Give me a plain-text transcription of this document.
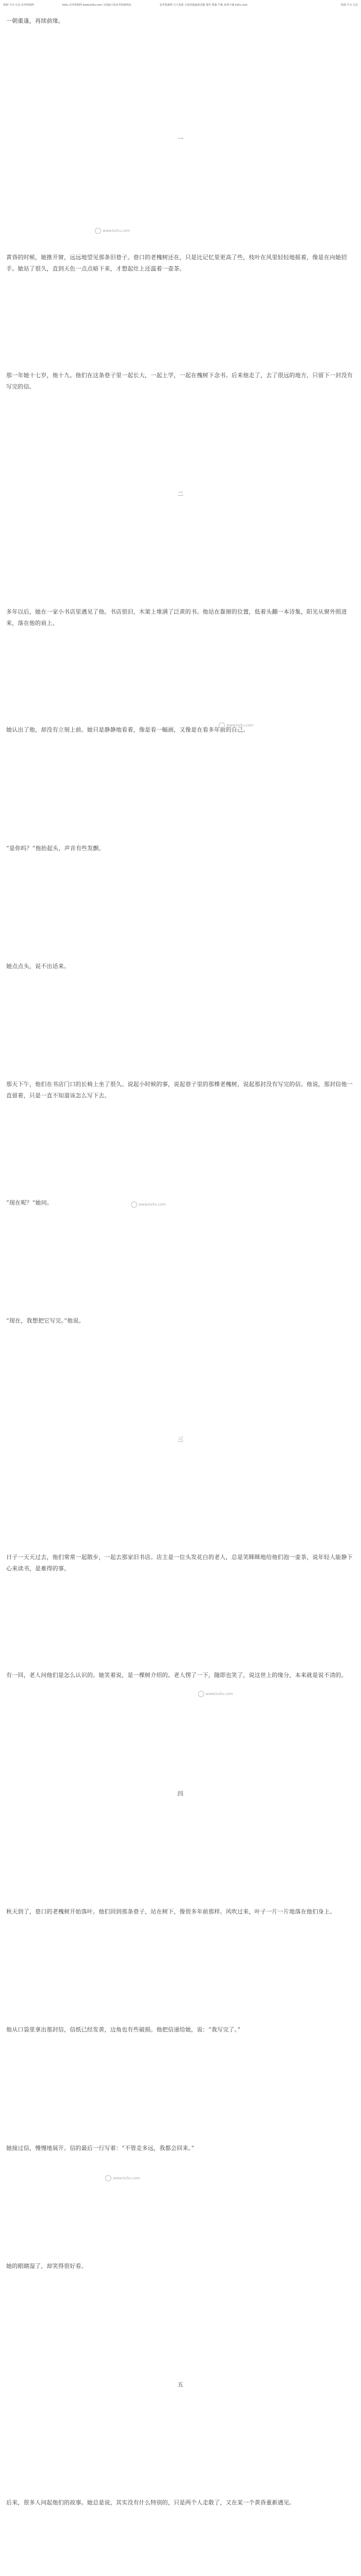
资源·平台·方法 高考资源网	ks5u 高考资源网 www.ks5u.com 全国最大的高考资源网站	高考资源网 天天更新 全国各地最新试题 课件 教案 学案 免费下载 ks5u.com	资源·平台·方法
一朝重逢，再续前缘。
一
黄昏的时候，她推开窗，远远地望见那条旧巷子。巷口的老槐树还在，只是比记忆里更高了些，枝叶在风里轻轻地摇着，像是在向她招手。她站了很久，直到天色一点点暗下来，才想起灶上还温着一壶茶。
那一年她十七岁，他十九。他们在这条巷子里一起长大，一起上学，一起在槐树下念书。后来他走了，去了很远的地方，只留下一封没有写完的信。
二
多年以后，她在一家小书店里遇见了他。书店很旧，木架上堆满了泛黄的书。他站在靠窗的位置，低着头翻一本诗集，阳光从窗外照进来，落在他的肩上。
她认出了他，却没有立刻上前。她只是静静地看着，像是看一幅画，又像是在看多年前的自己。
“是你吗？”他抬起头，声音有些发颤。
她点点头，说不出话来。
那天下午，他们在书店门口的长椅上坐了很久。说起小时候的事，说起巷子里的那棵老槐树，说起那封没有写完的信。他说，那封信他一直留着，只是一直不知道该怎么写下去。
“现在呢？”她问。
“现在，我想把它写完。”他说。
三
日子一天天过去，他们常常一起散步，一起去那家旧书店。店主是一位头发花白的老人，总是笑眯眯地给他们泡一壶茶，说年轻人能静下心来读书，是难得的事。
有一回，老人问他们是怎么认识的。她笑着说，是一棵树介绍的。老人愣了一下，随即也笑了，说这世上的缘分，本来就是说不清的。
四
秋天到了，巷口的老槐树开始落叶。他们回到那条巷子，站在树下，像很多年前那样。风吹过来，叶子一片一片地落在他们身上。
他从口袋里拿出那封信，信纸已经发黄，边角也有些破损。他把信递给她，说：“我写完了。”
她接过信，慢慢地展开。信的最后一行写着：“不管走多远，我都会回来。”
她的眼睛湿了，却笑得很好看。
五
后来，很多人问起他们的故事。她总是说，其实没有什么特别的，只是两个人走散了，又在某一个黄昏重新遇见。
www.ks5u.com
www.ks5u.com
www.ks5u.com
www.ks5u.com
www.ks5u.com
